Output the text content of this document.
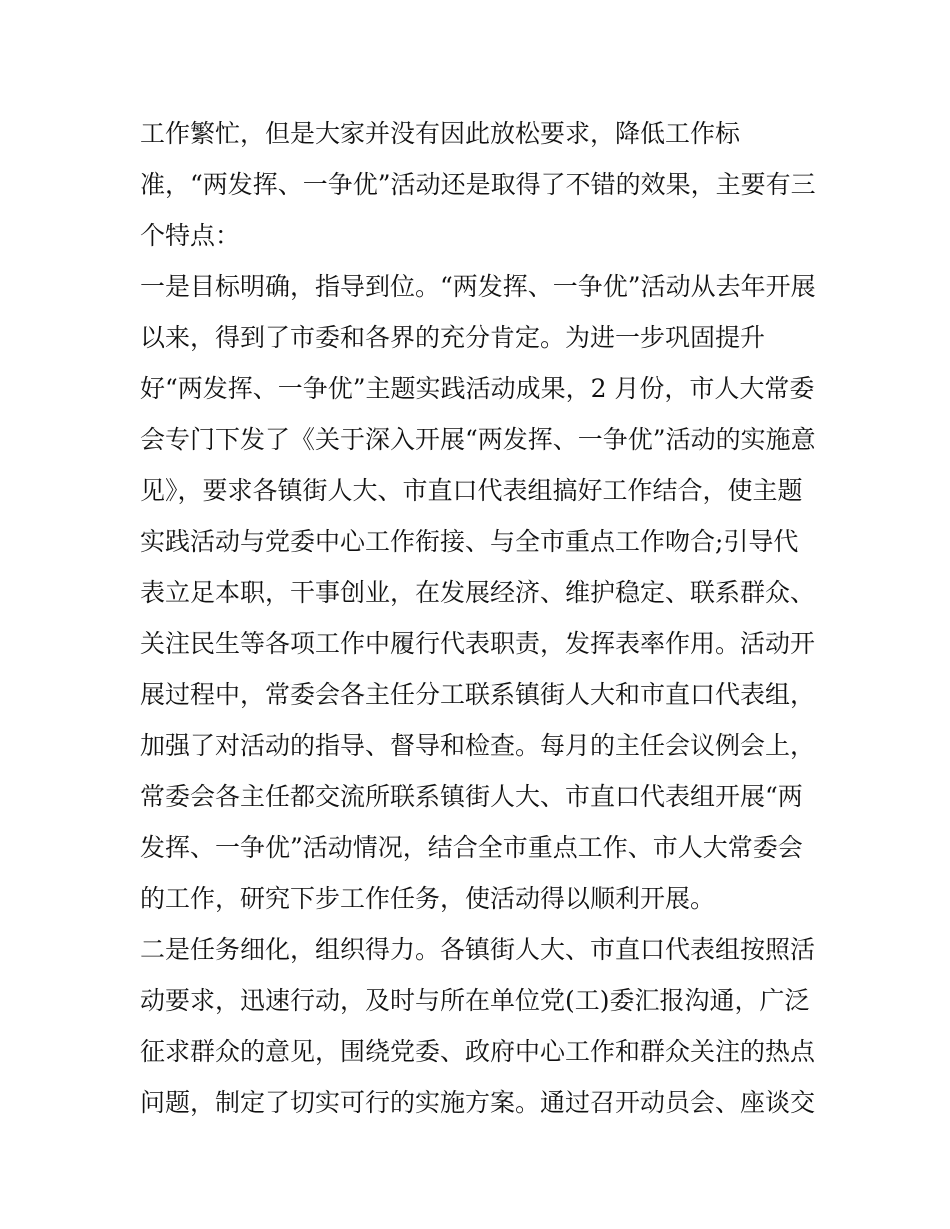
工作繁忙，但是大家并没有因此放松要求，降低工作标
准，“两发挥、一争优”活动还是取得了不错的效果，主要有三
个特点：
一是目标明确，指导到位。“两发挥、一争优”活动从去年开展
以来，得到了市委和各界的充分肯定。为进一步巩固提升
好“两发挥、一争优”主题实践活动成果，2 月份，市人大常委
会专门下发了《关于深入开展“两发挥、一争优”活动的实施意
见》，要求各镇街人大、市直口代表组搞好工作结合，使主题
实践活动与党委中心工作衔接、与全市重点工作吻合;引导代
表立足本职，干事创业，在发展经济、维护稳定、联系群众、
关注民生等各项工作中履行代表职责，发挥表率作用。活动开
展过程中，常委会各主任分工联系镇街人大和市直口代表组，
加强了对活动的指导、督导和检查。每月的主任会议例会上，
常委会各主任都交流所联系镇街人大、市直口代表组开展“两
发挥、一争优”活动情况，结合全市重点工作、市人大常委会
的工作，研究下步工作任务，使活动得以顺利开展。
二是任务细化，组织得力。各镇街人大、市直口代表组按照活
动要求，迅速行动，及时与所在单位党(工)委汇报沟通，广泛
征求群众的意见，围绕党委、政府中心工作和群众关注的热点
问题，制定了切实可行的实施方案。通过召开动员会、座谈交
